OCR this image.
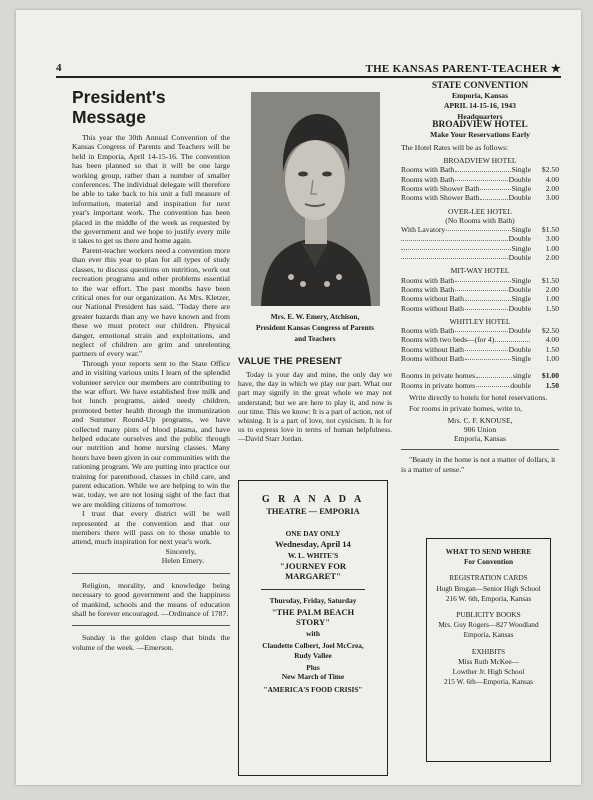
4	THE KANSAS PARENT-TEACHER ★
President's Message

This year the 30th Annual Convention of the Kansas Congress of Parents and Teachers will be held in Emporia, April 14-15-16. The convention has been planned so that it will be one large working group, rather than a number of smaller conferences. The individual delegate will therefore be able to take back to his unit a full measure of information, material and inspiration for next year's important work. The convention has been placed in the middle of the week as requested by the government and we hope to justify every mile it takes to get us there and home again.

Parent-teacher workers need a convention more than ever this year to plan for all types of study classes, to discuss questions on nutrition, work out recreation programs and other problems essential to the war effort. The past months have been critical ones for our organization. As Mrs. Kletzer, our National President has said, "Today there are greater hazards than any we have known and from these we must protect our children. Physical danger, emotional strain and exploitations, and neglect of children are grim and unrelenting partners of every war."

Through your reports sent to the State Office and in visiting various units I learn of the splendid volunteer service our members are contributing to the war effort. We have established free milk and hot lunch programs, aided needy children, promoted better health through the immunization and Summer Round-Up programs, we have collected many pints of blood plasma, and have helped educate ourselves and the public through our nutrition and home nursing classes. Many hours have been given in our communities with the rationing program. We are putting into practice our training for parenthood, classes in child care, and parent education. While we are helping to win the war, today, we are not losing sight of the fact that we are molding citizens of tomorrow.

I trust that every district will be well represented at the convention and that our members there will pass on to those unable to attend, much inspiration for next year's work.

Sincerely,
Helen Emery.

Religion, morality, and knowledge being necessary to good government and the happiness of mankind, schools and the means of education shall be forever encouraged. —Ordinance of 1787.

Sunday is the golden clasp that binds the volume of the week. —Emerson.

Mrs. E. W. Emery, Atchison,
President Kansas Congress of Parents
and Teachers
VALUE THE PRESENT

Today is your day and mine, the only day we have, the day in which we play our part. What our part may signify in the great whole we may not understand; but we are here to play it, and now is our time. This we know: It is a part of action, not of whining. It is a part of love, not cynicism. It is for us to express love in terms of human helpfulness. —David Starr Jordan.

G R A N A D A
THEATRE — EMPORIA
ONE DAY ONLY
Wednesday, April 14
W. L. WHITE'S
"JOURNEY FOR
MARGARET"
Thursday, Friday, Saturday
"THE PALM BEACH
STORY"
with
Claudette Colbert, Joel McCrea,
Rudy Vallee
Plus
New March of Time
"AMERICA'S FOOD CRISIS"
STATE CONVENTION
Emporia, Kansas
APRIL 14-15-16, 1943
Headquarters
BROADVIEW HOTEL
Make Your Reservations Early
The Hotel Rates will be as follows:
BROADVIEW HOTEL
Rooms with Bath	Single	$2.50
Rooms with Bath	Double	4.00
Rooms with Shower Bath	Single	2.00
Rooms with Shower Bath	Double	3.00
OVER-LEE HOTEL
(No Rooms with Bath)
With Lavatory	Single	$1.50
Double	3.00
Single	1.00
Double	2.00
MIT-WAY HOTEL
Rooms with Bath	Single	$1.50
Rooms with Bath	Double	2.00
Rooms without Bath	Single	1.00
Rooms without Bath	Double	1.50
WHITLEY HOTEL
Rooms with Bath	Double	$2.50
Rooms with two beds—(for 4)	4.00
Rooms without Bath	Double	1.50
Rooms without Bath	Single	1.00
Rooms in private homes	single	$1.00
Rooms in private homes	double	1.50
Write directly to hotels for hotel reservations.
For rooms in private homes, write to,
Mrs. C. F. KNOUSE,
906 Union
Emporia, Kansas
"Beauty in the home is not a matter of dollars, it is a matter of sense."
WHAT TO SEND WHERE
For Convention
REGISTRATION CARDS
Hugh Brogan—Senior High School
216 W. 6th, Emporia, Kansas
PUBLICITY BOOKS
Mrs. Guy Rogers—827 Woodland
Emporia, Kansas
EXHIBITS
Miss Ruth McKee—
Lowther Jr. High School
215 W. 6th—Emporia, Kansas
